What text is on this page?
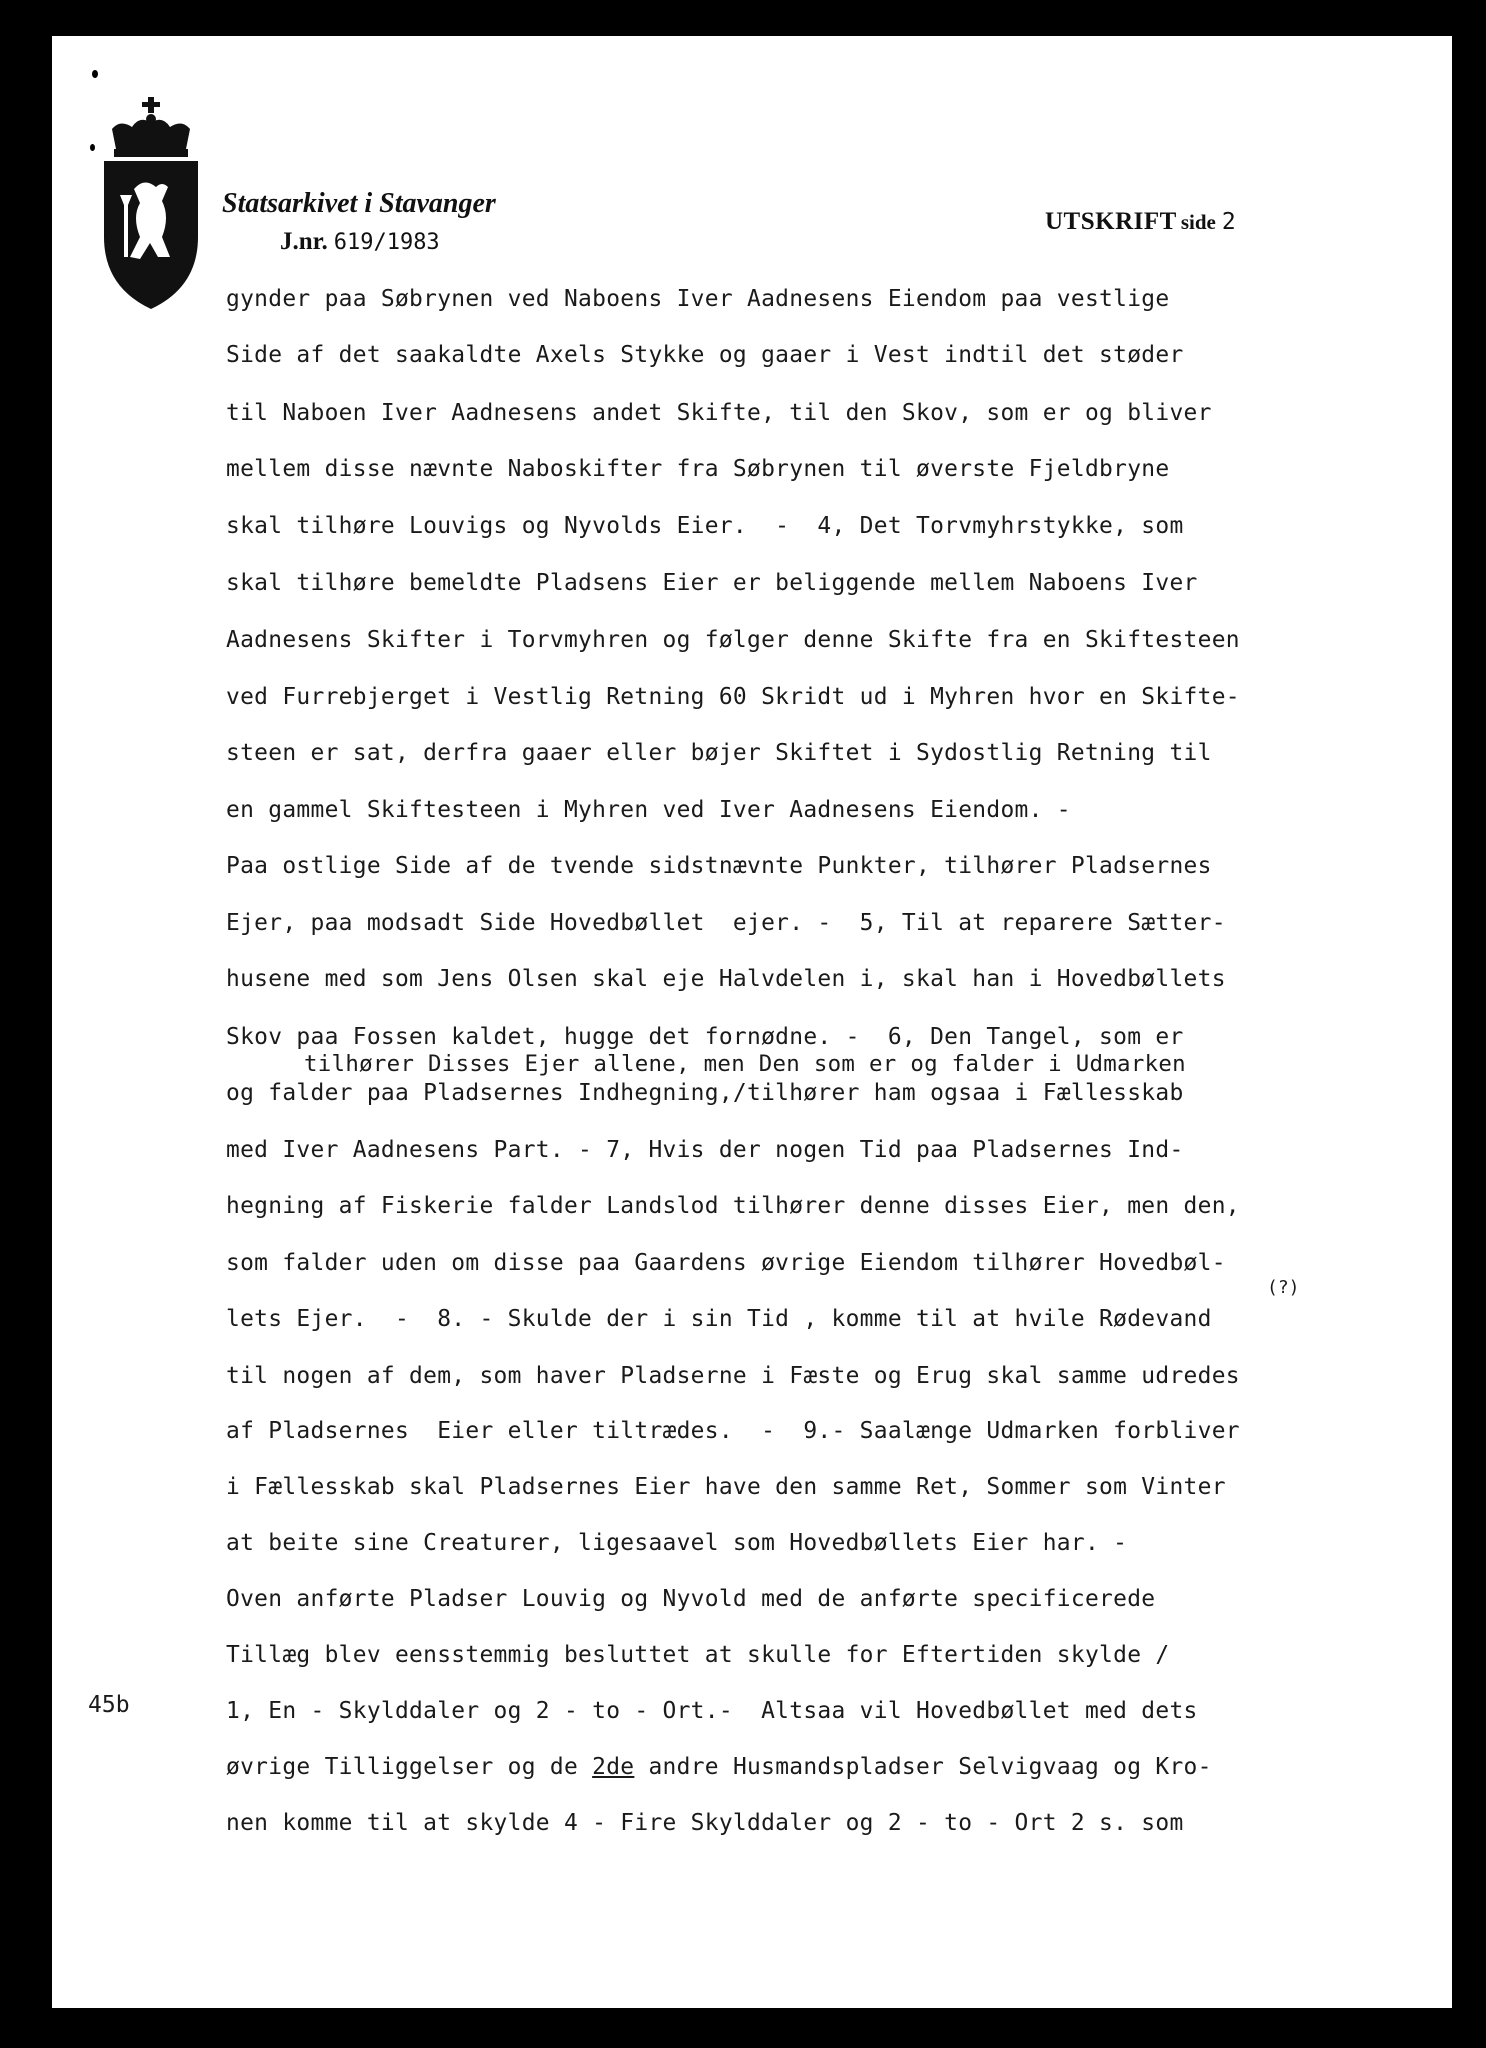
Statsarkivet i Stavanger
J.nr. 619/1983
UTSKRIFT side 2
45b
(?)
gynder paa Søbrynen ved Naboens Iver Aadnesens Eiendom paa vestlige
Side af det saakaldte Axels Stykke og gaaer i Vest indtil det støder
til Naboen Iver Aadnesens andet Skifte, til den Skov, som er og bliver
mellem disse nævnte Naboskifter fra Søbrynen til øverste Fjeldbryne
skal tilhøre Louvigs og Nyvolds Eier.  -  4, Det Torvmyhrstykke, som
skal tilhøre bemeldte Pladsens Eier er beliggende mellem Naboens Iver
Aadnesens Skifter i Torvmyhren og følger denne Skifte fra en Skiftesteen
ved Furrebjerget i Vestlig Retning 60 Skridt ud i Myhren hvor en Skifte-
steen er sat, derfra gaaer eller bøjer Skiftet i Sydostlig Retning til
en gammel Skiftesteen i Myhren ved Iver Aadnesens Eiendom. -
Paa ostlige Side af de tvende sidstnævnte Punkter, tilhører Pladsernes
Ejer, paa modsadt Side Hovedbøllet  ejer. -  5, Til at reparere Sætter-
husene med som Jens Olsen skal eje Halvdelen i, skal han i Hovedbøllets
Skov paa Fossen kaldet, hugge det fornødne. -  6, Den Tangel, som er
tilhører Disses Ejer allene, men Den som er og falder i Udmarken
og falder paa Pladsernes Indhegning,/tilhører ham ogsaa i Fællesskab
med Iver Aadnesens Part. - 7, Hvis der nogen Tid paa Pladsernes Ind-
hegning af Fiskerie falder Landslod tilhører denne disses Eier, men den,
som falder uden om disse paa Gaardens øvrige Eiendom tilhører Hovedbøl-
lets Ejer.  -  8. - Skulde der i sin Tid , komme til at hvile Rødevand
til nogen af dem, som haver Pladserne i Fæste og Erug skal samme udredes
af Pladsernes  Eier eller tiltrædes.  -  9.- Saalænge Udmarken forbliver
i Fællesskab skal Pladsernes Eier have den samme Ret, Sommer som Vinter
at beite sine Creaturer, ligesaavel som Hovedbøllets Eier har. -
Oven anførte Pladser Louvig og Nyvold med de anførte specificerede
Tillæg blev eensstemmig besluttet at skulle for Eftertiden skylde /
1, En - Skylddaler og 2 - to - Ort.-  Altsaa vil Hovedbøllet med dets
øvrige Tilliggelser og de 2de andre Husmandspladser Selvigvaag og Kro-
nen komme til at skylde 4 - Fire Skylddaler og 2 - to - Ort 2 s. som
